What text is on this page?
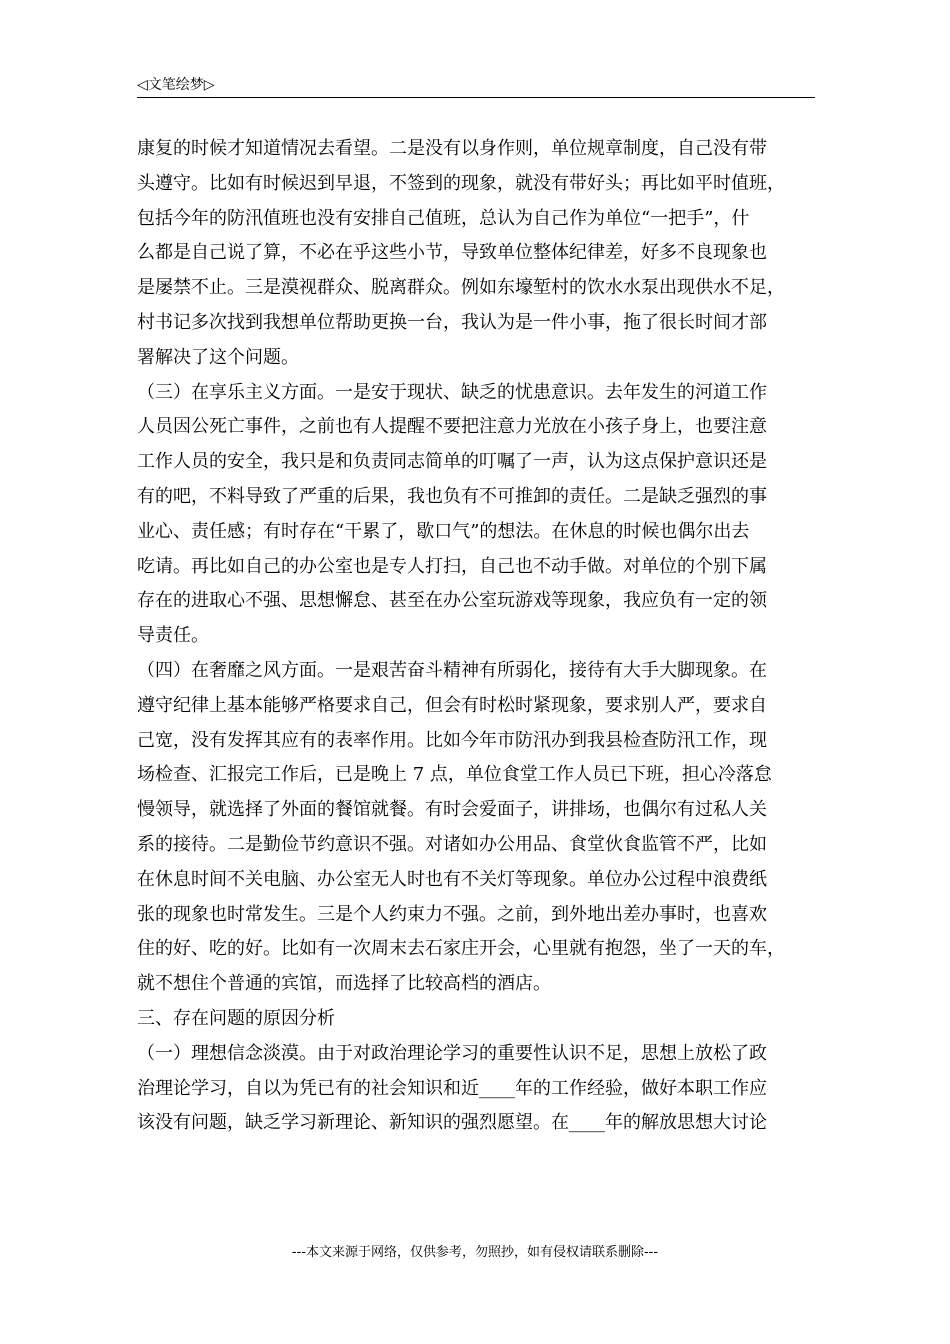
◁文笔绘梦▷
康复的时候才知道情况去看望。二是没有以身作则，单位规章制度，自己没有带
头遵守。比如有时候迟到早退，不签到的现象，就没有带好头；再比如平时值班，
包括今年的防汛值班也没有安排自己值班，总认为自己作为单位“一把手”，什
么都是自己说了算，不必在乎这些小节，导致单位整体纪律差，好多不良现象也
是屡禁不止。三是漠视群众、脱离群众。例如东壕堑村的饮水水泵出现供水不足，
村书记多次找到我想单位帮助更换一台，我认为是一件小事，拖了很长时间才部
署解决了这个问题。
（三）在享乐主义方面。一是安于现状、缺乏的忧患意识。去年发生的河道工作
人员因公死亡事件，之前也有人提醒不要把注意力光放在小孩子身上，也要注意
工作人员的安全，我只是和负责同志简单的叮嘱了一声，认为这点保护意识还是
有的吧，不料导致了严重的后果，我也负有不可推卸的责任。二是缺乏强烈的事
业心、责任感；有时存在“干累了，歇口气”的想法。在休息的时候也偶尔出去
吃请。再比如自己的办公室也是专人打扫，自己也不动手做。对单位的个别下属
存在的进取心不强、思想懈怠、甚至在办公室玩游戏等现象，我应负有一定的领
导责任。
（四）在奢靡之风方面。一是艰苦奋斗精神有所弱化，接待有大手大脚现象。在
遵守纪律上基本能够严格要求自己，但会有时松时紧现象，要求别人严，要求自
己宽，没有发挥其应有的表率作用。比如今年市防汛办到我县检查防汛工作，现
场检查、汇报完工作后，已是晚上 7 点，单位食堂工作人员已下班，担心冷落怠
慢领导，就选择了外面的餐馆就餐。有时会爱面子，讲排场，也偶尔有过私人关
系的接待。二是勤俭节约意识不强。对诸如办公用品、食堂伙食监管不严，比如
在休息时间不关电脑、办公室无人时也有不关灯等现象。单位办公过程中浪费纸
张的现象也时常发生。三是个人约束力不强。之前，到外地出差办事时，也喜欢
住的好、吃的好。比如有一次周末去石家庄开会，心里就有抱怨，坐了一天的车，
就不想住个普通的宾馆，而选择了比较高档的酒店。
三、存在问题的原因分析
（一）理想信念淡漠。由于对政治理论学习的重要性认识不足，思想上放松了政
治理论学习，自以为凭已有的社会知识和近____年的工作经验，做好本职工作应
该没有问题，缺乏学习新理论、新知识的强烈愿望。在____年的解放思想大讨论
---本文来源于网络，仅供参考，勿照抄，如有侵权请联系删除---
